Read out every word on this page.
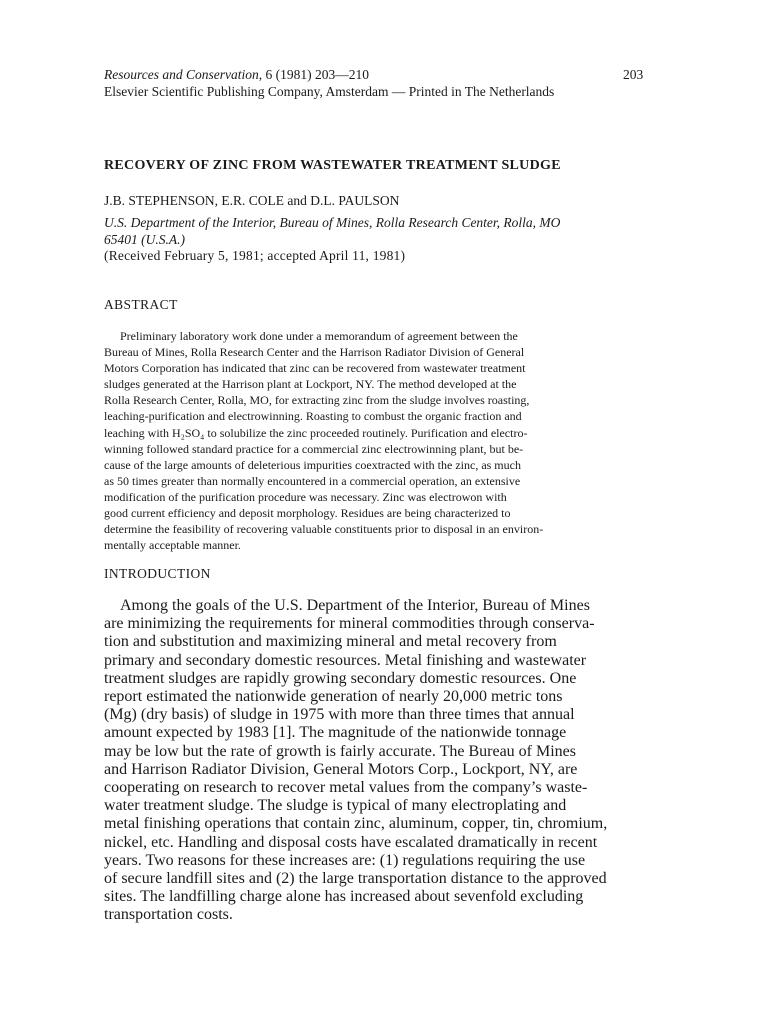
Resources and Conservation, 6 (1981) 203—210	203
Elsevier Scientific Publishing Company, Amsterdam — Printed in The Netherlands
RECOVERY OF ZINC FROM WASTEWATER TREATMENT SLUDGE
J.B. STEPHENSON, E.R. COLE and D.L. PAULSON
U.S. Department of the Interior, Bureau of Mines, Rolla Research Center, Rolla, MO
65401 (U.S.A.)
(Received February 5, 1981; accepted April 11, 1981)
ABSTRACT
Preliminary laboratory work done under a memorandum of agreement between the
Bureau of Mines, Rolla Research Center and the Harrison Radiator Division of General
Motors Corporation has indicated that zinc can be recovered from wastewater treatment
sludges generated at the Harrison plant at Lockport, NY. The method developed at the
Rolla Research Center, Rolla, MO, for extracting zinc from the sludge involves roasting,
leaching-purification and electrowinning. Roasting to combust the organic fraction and
leaching with H₂SO₄ to solubilize the zinc proceeded routinely. Purification and electro-
winning followed standard practice for a commercial zinc electrowinning plant, but be-
cause of the large amounts of deleterious impurities coextracted with the zinc, as much
as 50 times greater than normally encountered in a commercial operation, an extensive
modification of the purification procedure was necessary. Zinc was electrowon with
good current efficiency and deposit morphology. Residues are being characterized to
determine the feasibility of recovering valuable constituents prior to disposal in an environ-
mentally acceptable manner.
INTRODUCTION
Among the goals of the U.S. Department of the Interior, Bureau of Mines
are minimizing the requirements for mineral commodities through conserva-
tion and substitution and maximizing mineral and metal recovery from
primary and secondary domestic resources. Metal finishing and wastewater
treatment sludges are rapidly growing secondary domestic resources. One
report estimated the nationwide generation of nearly 20,000 metric tons
(Mg) (dry basis) of sludge in 1975 with more than three times that annual
amount expected by 1983 [1]. The magnitude of the nationwide tonnage
may be low but the rate of growth is fairly accurate. The Bureau of Mines
and Harrison Radiator Division, General Motors Corp., Lockport, NY, are
cooperating on research to recover metal values from the company’s waste-
water treatment sludge. The sludge is typical of many electroplating and
metal finishing operations that contain zinc, aluminum, copper, tin, chromium,
nickel, etc. Handling and disposal costs have escalated dramatically in recent
years. Two reasons for these increases are: (1) regulations requiring the use
of secure landfill sites and (2) the large transportation distance to the approved
sites. The landfilling charge alone has increased about sevenfold excluding
transportation costs.
